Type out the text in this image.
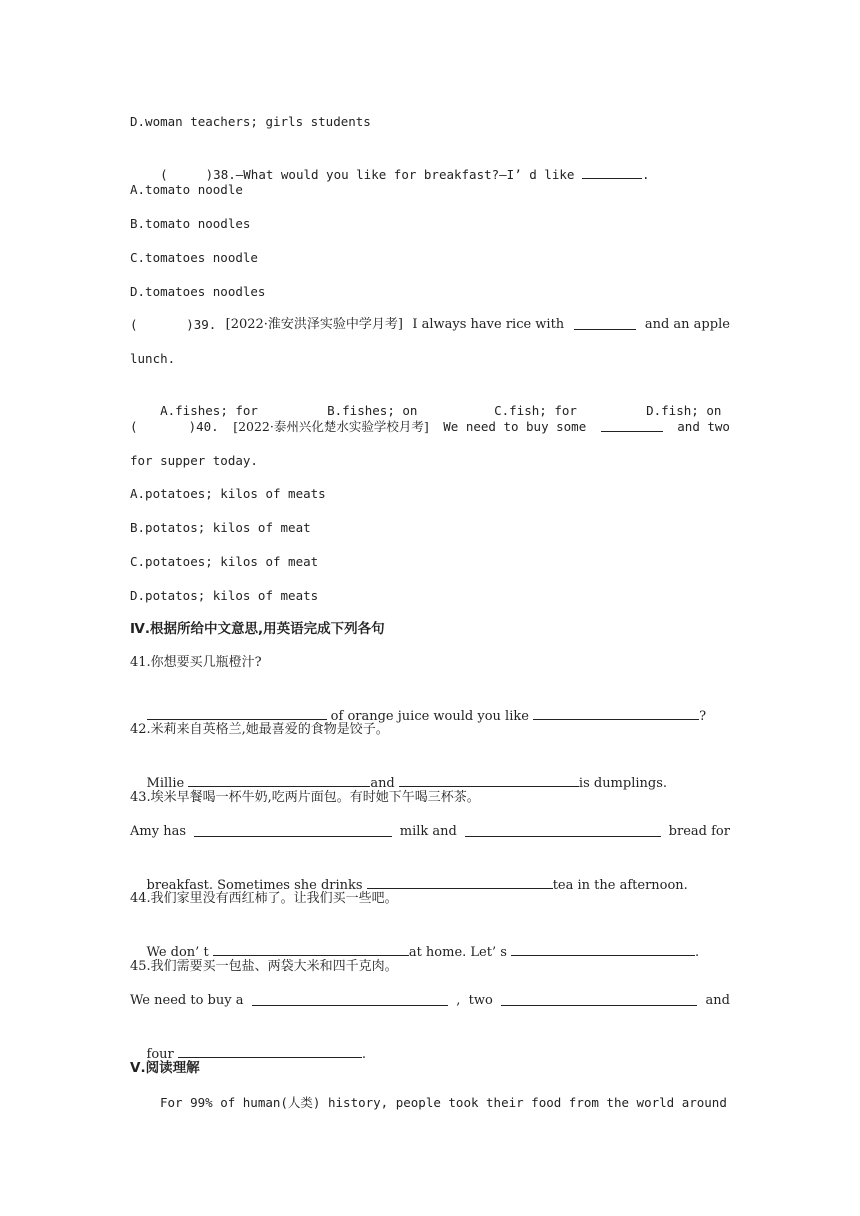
D.woman teachers; girls students

(	)38.—What would you like for breakfast?—I’ d like	.

A.tomato noodle
B.tomato noodles
C.tomatoes noodle
D.tomatoes noodles
(	)39. [2022·淮安洪泽实验中学月考] I always have rice with	and an apple
lunch.

A.fishes; for	B.fishes; on	C.fish; for	D.fish; on

(	)40. [2022·泰州兴化楚水实验学校月考] We need to buy some	and two
for supper today.
A.potatoes; kilos of meats
B.potatos; kilos of meat
C.potatoes; kilos of meat
D.potatos; kilos of meats
Ⅳ.根据所给中文意思,用英语完成下列各句
41.你想要买几瓶橙汁?

of orange juice would you like	?

42.米莉来自英格兰,她最喜爱的食物是饺子。

Millie	and	is dumplings.

43.埃米早餐喝一杯牛奶,吃两片面包。有时她下午喝三杯茶。
Amy has	milk and	bread for

breakfast. Sometimes she drinks	tea in the afternoon.

44.我们家里没有西红柿了。让我们买一些吧。

We don’ t	at home. Let’ s	.

45.我们需要买一包盐、两袋大米和四千克肉。
We need to buy a	,  two	and

four	.

Ⅴ.阅读理解
For 99% of human(人类) history, people took their food from the world around
